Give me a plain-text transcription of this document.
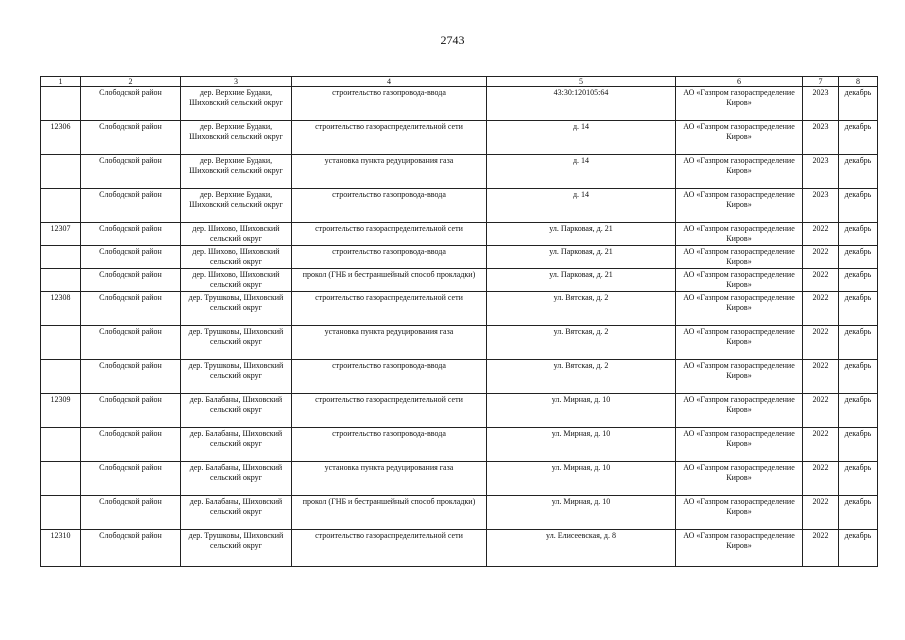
2743
1	2	3	4	5	6	7	8
	Слободской район	дер. Верхние Будаки, Шиховский сельский округ	строительство газопровода-ввода	43:30:120105:64	АО «Газпром газораспределение Киров»	2023	декабрь
12306	Слободской район	дер. Верхние Будаки, Шиховский сельский округ	строительство газораспределительной сети	д. 14	АО «Газпром газораспределение Киров»	2023	декабрь
	Слободской район	дер. Верхние Будаки, Шиховский сельский округ	установка пункта редуцирования газа	д. 14	АО «Газпром газораспределение Киров»	2023	декабрь
	Слободской район	дер. Верхние Будаки, Шиховский сельский округ	строительство газопровода-ввода	д. 14	АО «Газпром газораспределение Киров»	2023	декабрь
12307	Слободской район	дер. Шихово, Шиховский сельский округ	строительство газораспределительной сети	ул. Парковая, д. 21	АО «Газпром газораспределение Киров»	2022	декабрь
	Слободской район	дер. Шихово, Шиховский сельский округ	строительство газопровода-ввода	ул. Парковая, д. 21	АО «Газпром газораспределение Киров»	2022	декабрь
	Слободской район	дер. Шихово, Шиховский сельский округ	прокол (ГНБ и бестраншейный способ прокладки)	ул. Парковая, д. 21	АО «Газпром газораспределение Киров»	2022	декабрь
12308	Слободской район	дер. Трушковы, Шиховский сельский округ	строительство газораспределительной сети	ул. Вятская, д. 2	АО «Газпром газораспределение Киров»	2022	декабрь
	Слободской район	дер. Трушковы, Шиховский сельский округ	установка пункта редуцирования газа	ул. Вятская, д. 2	АО «Газпром газораспределение Киров»	2022	декабрь
	Слободской район	дер. Трушковы, Шиховский сельский округ	строительство газопровода-ввода	ул. Вятская, д. 2	АО «Газпром газораспределение Киров»	2022	декабрь
12309	Слободской район	дер. Балабаны, Шиховский сельский округ	строительство газораспределительной сети	ул. Мирная, д. 10	АО «Газпром газораспределение Киров»	2022	декабрь
	Слободской район	дер. Балабаны, Шиховский сельский округ	строительство газопровода-ввода	ул. Мирная, д. 10	АО «Газпром газораспределение Киров»	2022	декабрь
	Слободской район	дер. Балабаны, Шиховский сельский округ	установка пункта редуцирования газа	ул. Мирная, д. 10	АО «Газпром газораспределение Киров»	2022	декабрь
	Слободской район	дер. Балабаны, Шиховский сельский округ	прокол (ГНБ и бестраншейный способ прокладки)	ул. Мирная, д. 10	АО «Газпром газораспределение Киров»	2022	декабрь
12310	Слободской район	дер. Трушковы, Шиховский сельский округ	строительство газораспределительной сети	ул. Елисеевская, д. 8	АО «Газпром газораспределение Киров»	2022	декабрь
